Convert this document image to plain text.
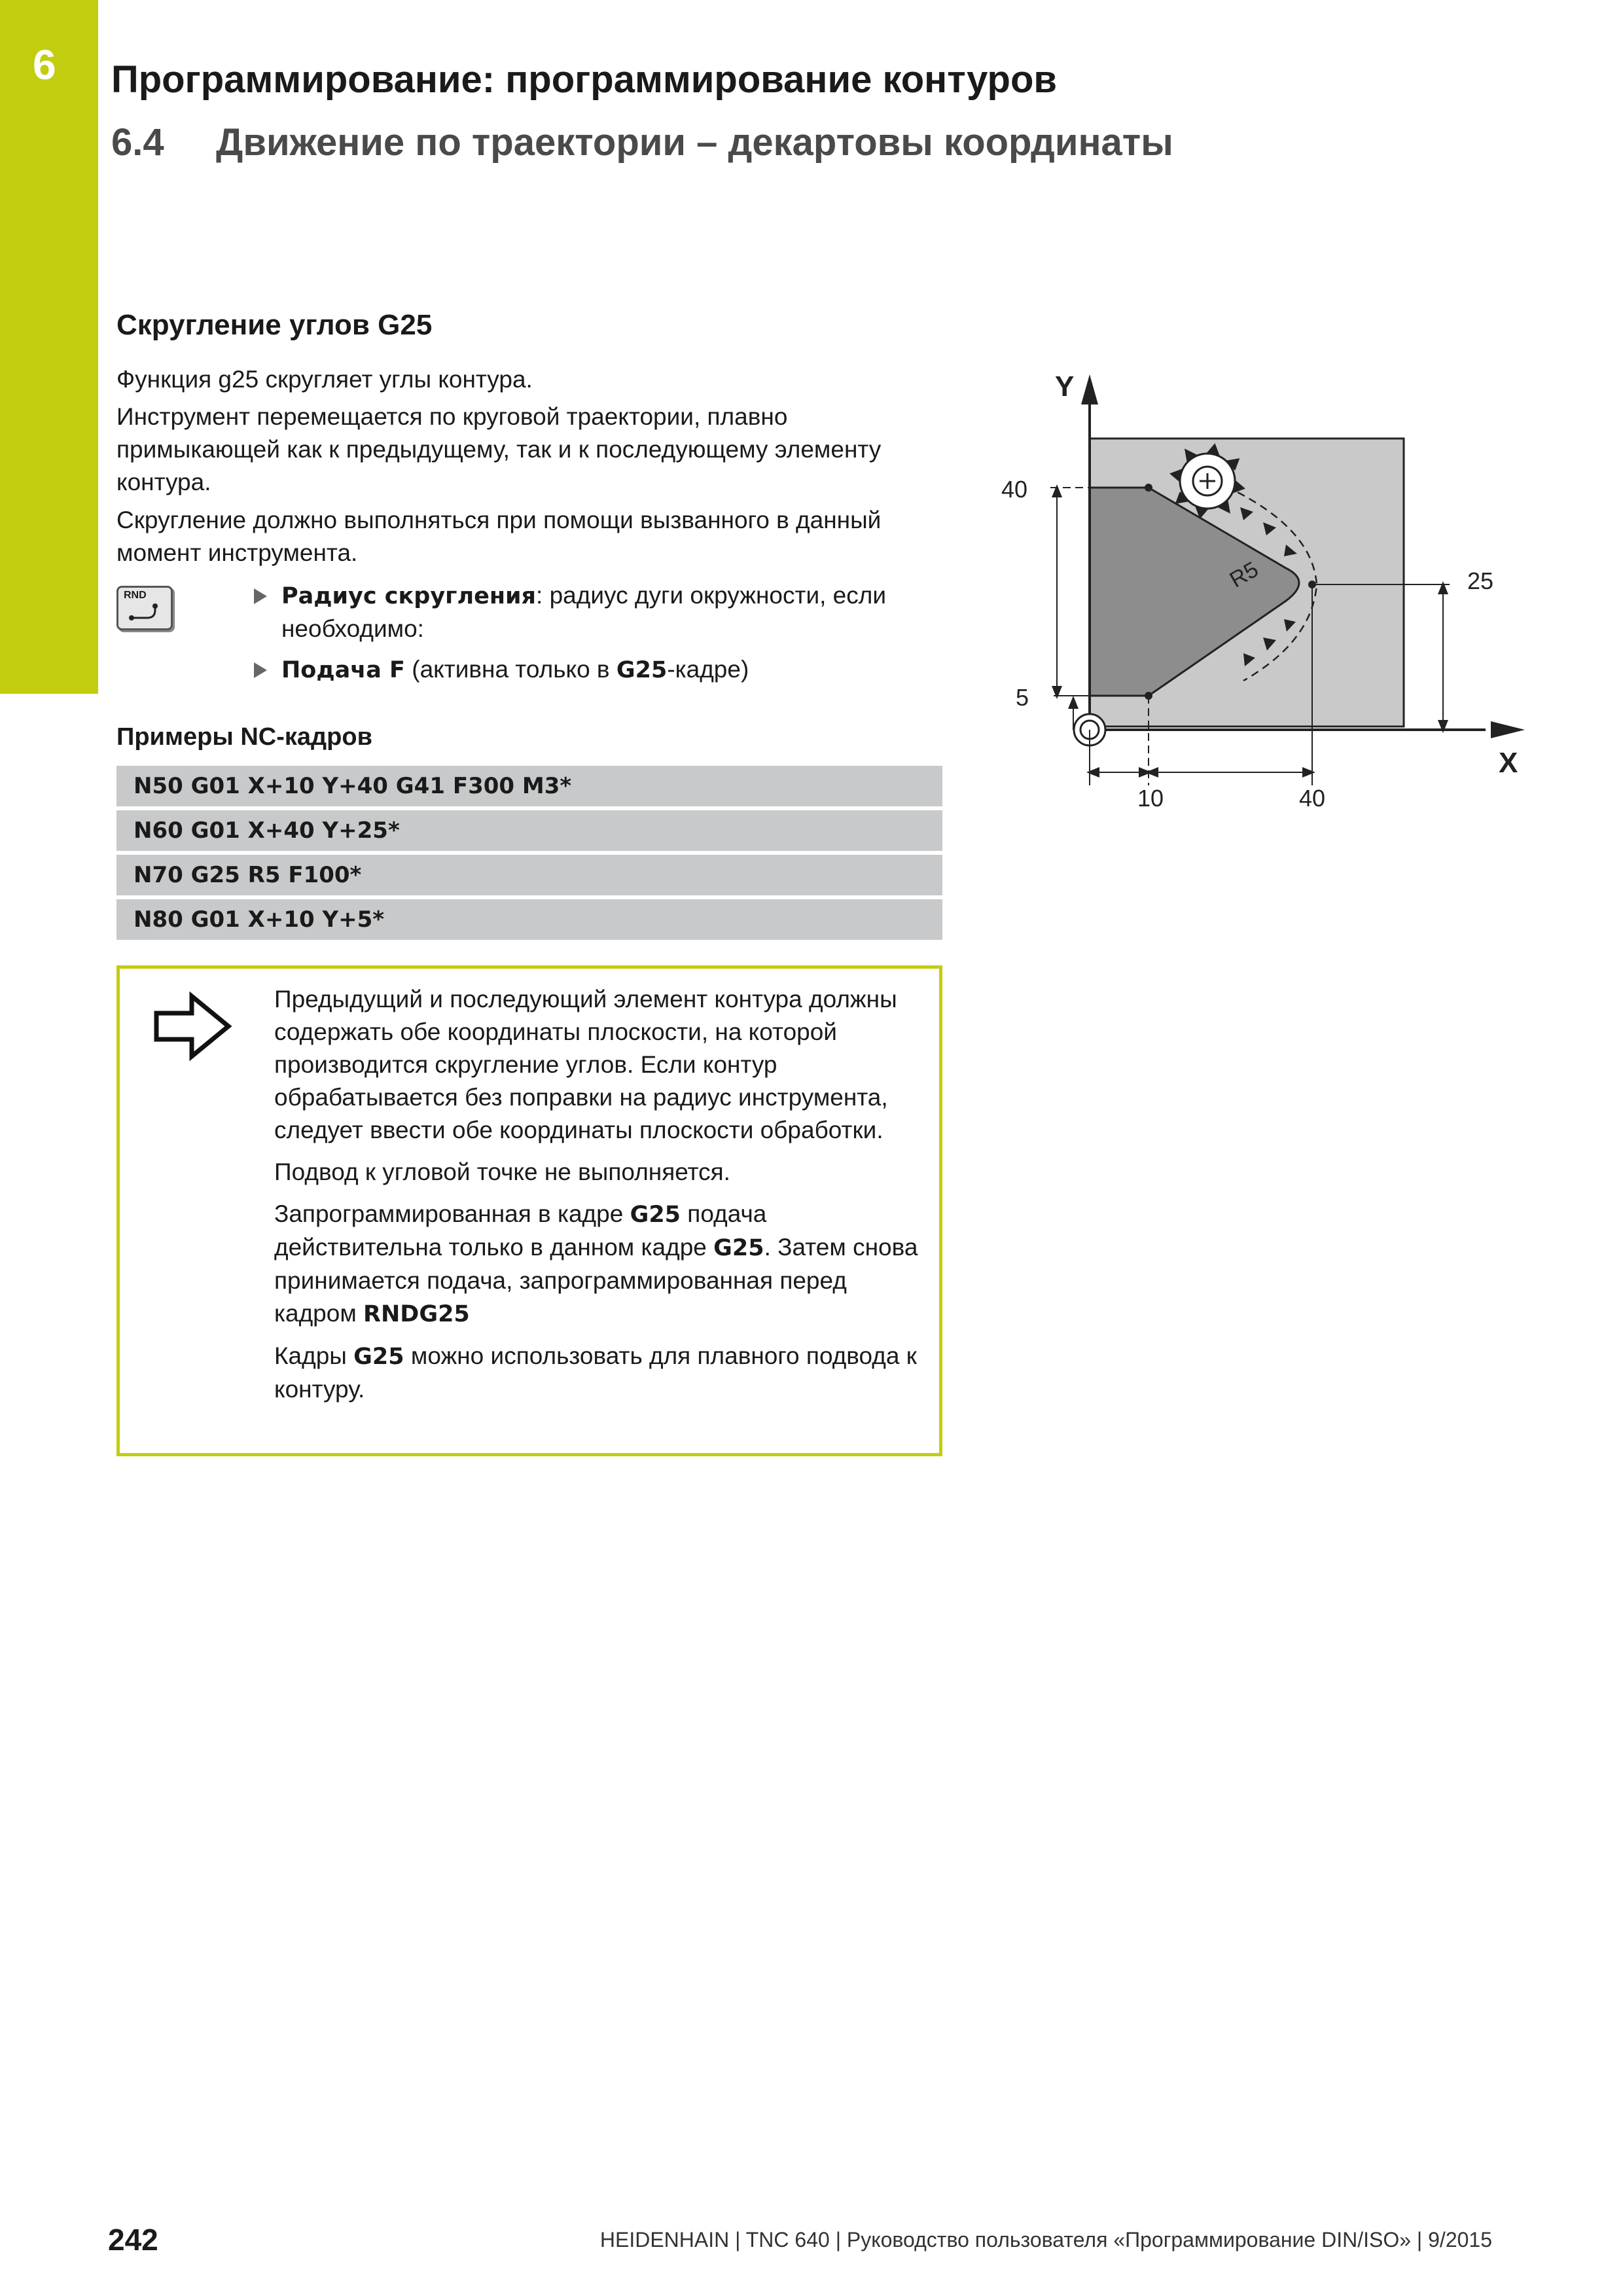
6 Программирование: программирование контуров
6.4 Движение по траектории – декартовы координаты
Скругление углов G25

Функция g25 скругляет углы контура.

Инструмент перемещается по круговой траектории, плавно примыкающей как к предыдущему, так и к последующему элементу контура.

Скругление должно выполняться при помощи вызванного в данный момент инструмента.

RND	Радиус скругления: радиус дуги окружности, если необходимо:
Подача F (активна только в G25-кадре)
Примеры NC-кадров
N50 G01 X+10 Y+40 G41 F300 M3*
N60 G01 X+40 Y+25*
N70 G25 R5 F100*
N80 G01 X+10 Y+5*

Предыдущий и последующий элемент контура должны содержать обе координаты плоскости, на которой производится скругление углов. Если контур обрабатывается без поправки на радиус инструмента, следует ввести обе координаты плоскости обработки.

Подвод к угловой точке не выполняется.

Запрограммированная в кадре G25 подача действительна только в данном кадре G25. Затем снова принимается подача, запрограммированная перед кадром RNDG25

Кадры G25 можно использовать для плавного подвода к контуру.

Y
X
40
5
10	40
25
R5
242	HEIDENHAIN | TNC 640 | Руководство пользователя «Программирование DIN/ISO» | 9/2015
